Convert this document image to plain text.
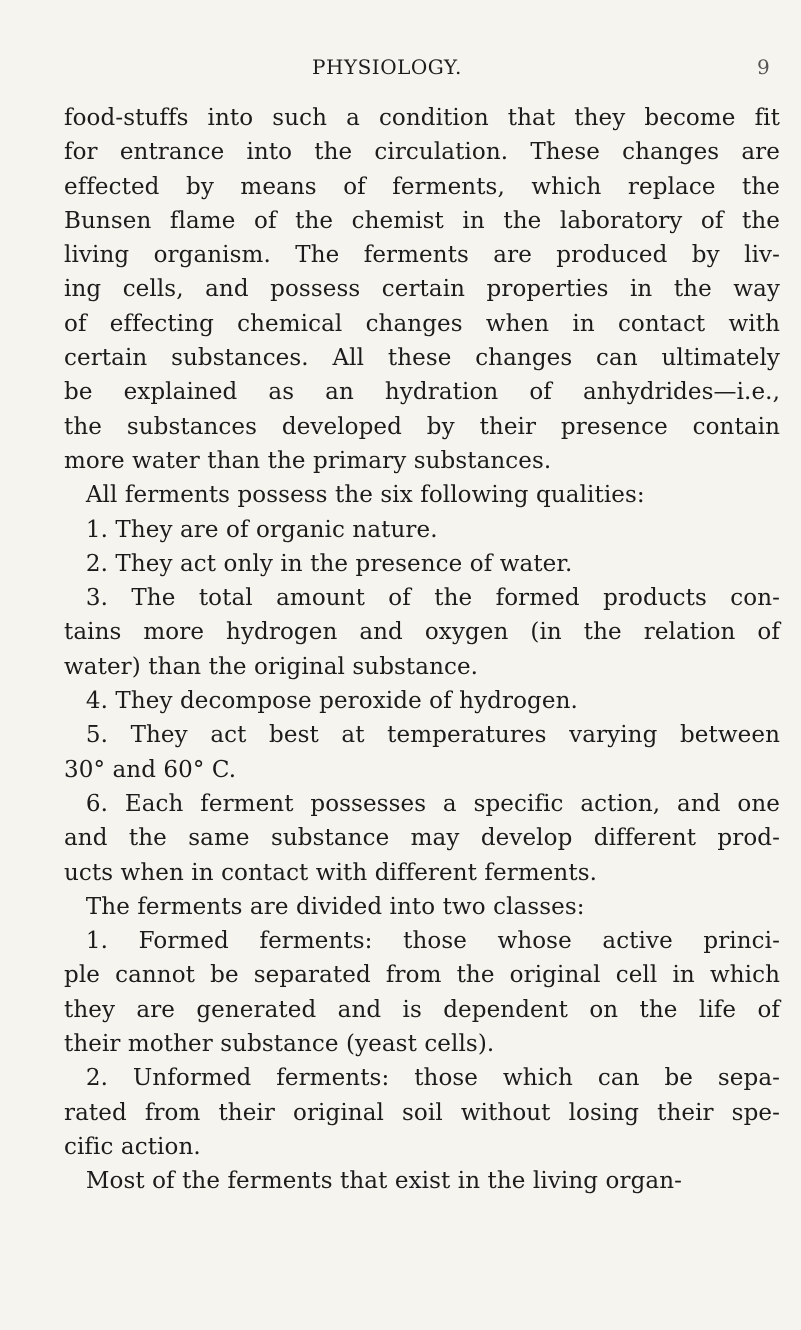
PHYSIOLOGY.	9

food-stuffs into such a condition that they become fit
for entrance into the circulation. These changes are
effected by means of ferments, which replace the
Bunsen flame of the chemist in the laboratory of the
living organism. The ferments are produced by liv-
ing cells, and possess certain properties in the way
of effecting chemical changes when in contact with
certain substances. All these changes can ultimately
be explained as an hydration of anhydrides—i.e.,
the substances developed by their presence contain
more water than the primary substances.

All ferments possess the six following qualities:

1. They are of organic nature.

2. They act only in the presence of water.

3. The total amount of the formed products con-
tains more hydrogen and oxygen (in the relation of
water) than the original substance.

4. They decompose peroxide of hydrogen.

5. They act best at temperatures varying between
30° and 60° C.

6. Each ferment possesses a specific action, and one
and the same substance may develop different prod-
ucts when in contact with different ferments.

The ferments are divided into two classes:

1. Formed ferments: those whose active princi-
ple cannot be separated from the original cell in which
they are generated and is dependent on the life of
their mother substance (yeast cells).

2. Unformed ferments: those which can be sepa-
rated from their original soil without losing their spe-
cific action.

Most of the ferments that exist in the living organ-
